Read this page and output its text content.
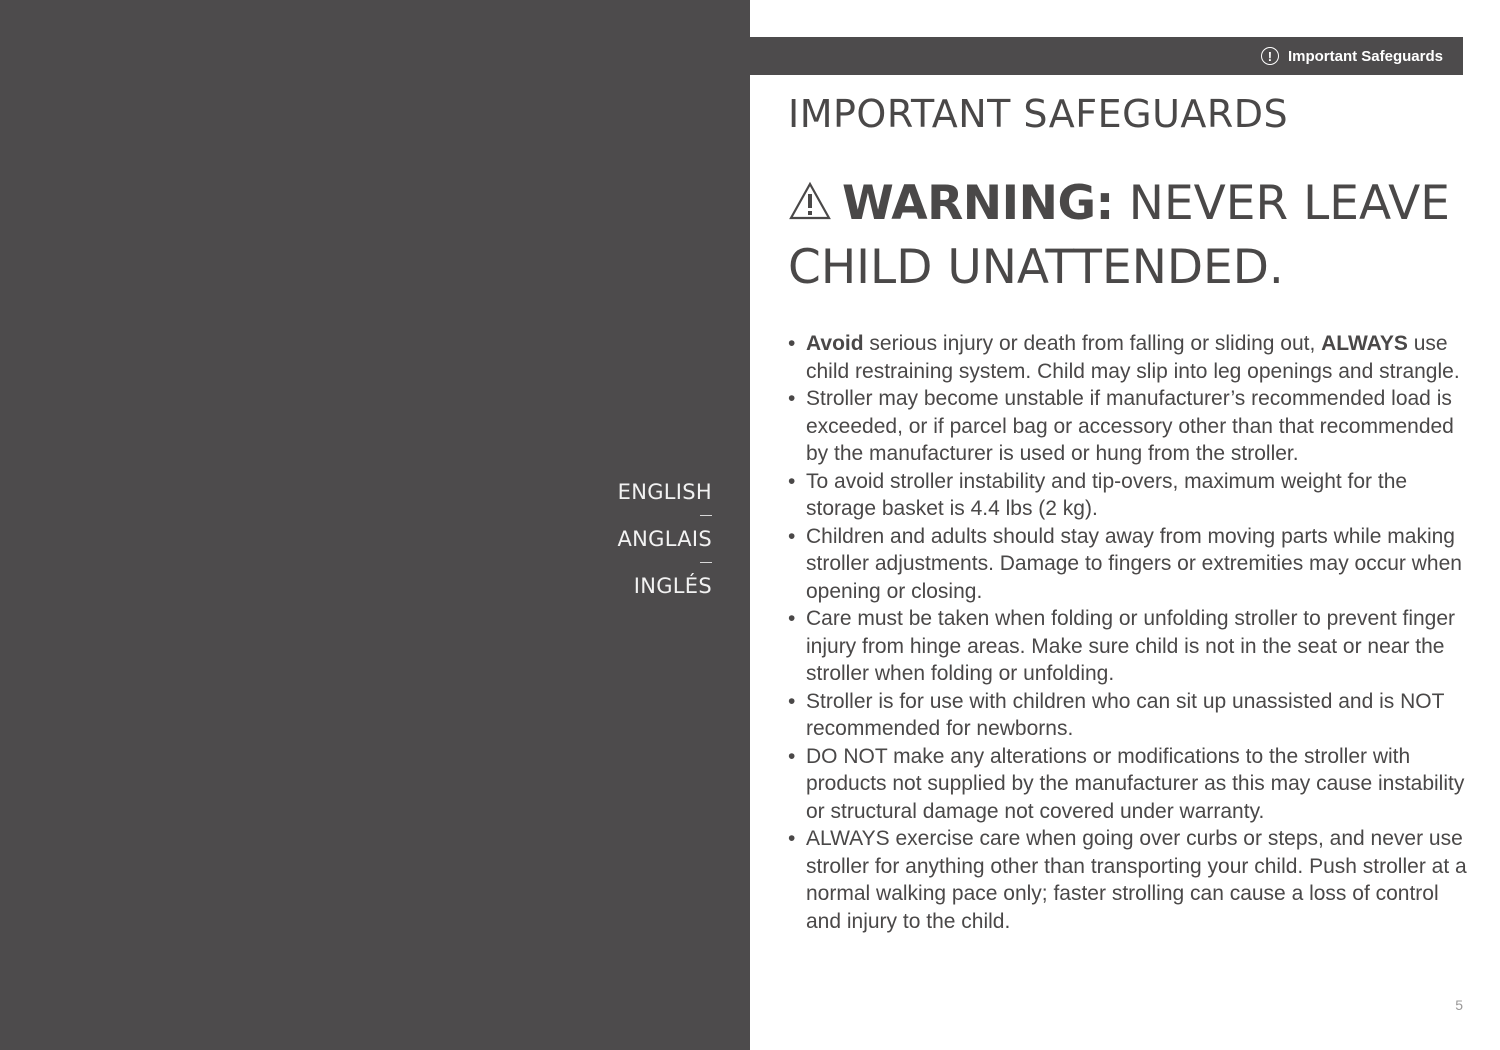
ENGLISH
ANGLAIS
INGLÉS
!	Important Safeguards
IMPORTANT SAFEGUARDS
WARNING: NEVER LEAVE CHILD UNATTENDED.
• Avoid serious injury or death from falling or sliding out, ALWAYS use child restraining system. Child may slip into leg openings and strangle.
• Stroller may become unstable if manufacturer’s recommended load is exceeded, or if parcel bag or accessory other than that recommended by the manufacturer is used or hung from the stroller.
• To avoid stroller instability and tip-overs, maximum weight for the storage basket is 4.4 lbs (2 kg).
• Children and adults should stay away from moving parts while making stroller adjustments. Damage to fingers or extremities may occur when opening or closing.
• Care must be taken when folding or unfolding stroller to prevent finger injury from hinge areas. Make sure child is not in the seat or near the stroller when folding or unfolding.
• Stroller is for use with children who can sit up unassisted and is NOT recommended for newborns.
• DO NOT make any alterations or modifications to the stroller with products not supplied by the manufacturer as this may cause instability or structural damage not covered under warranty.
• ALWAYS exercise care when going over curbs or steps, and never use stroller for anything other than transporting your child. Push stroller at a normal walking pace only; faster strolling can cause a loss of control and injury to the child.
5
